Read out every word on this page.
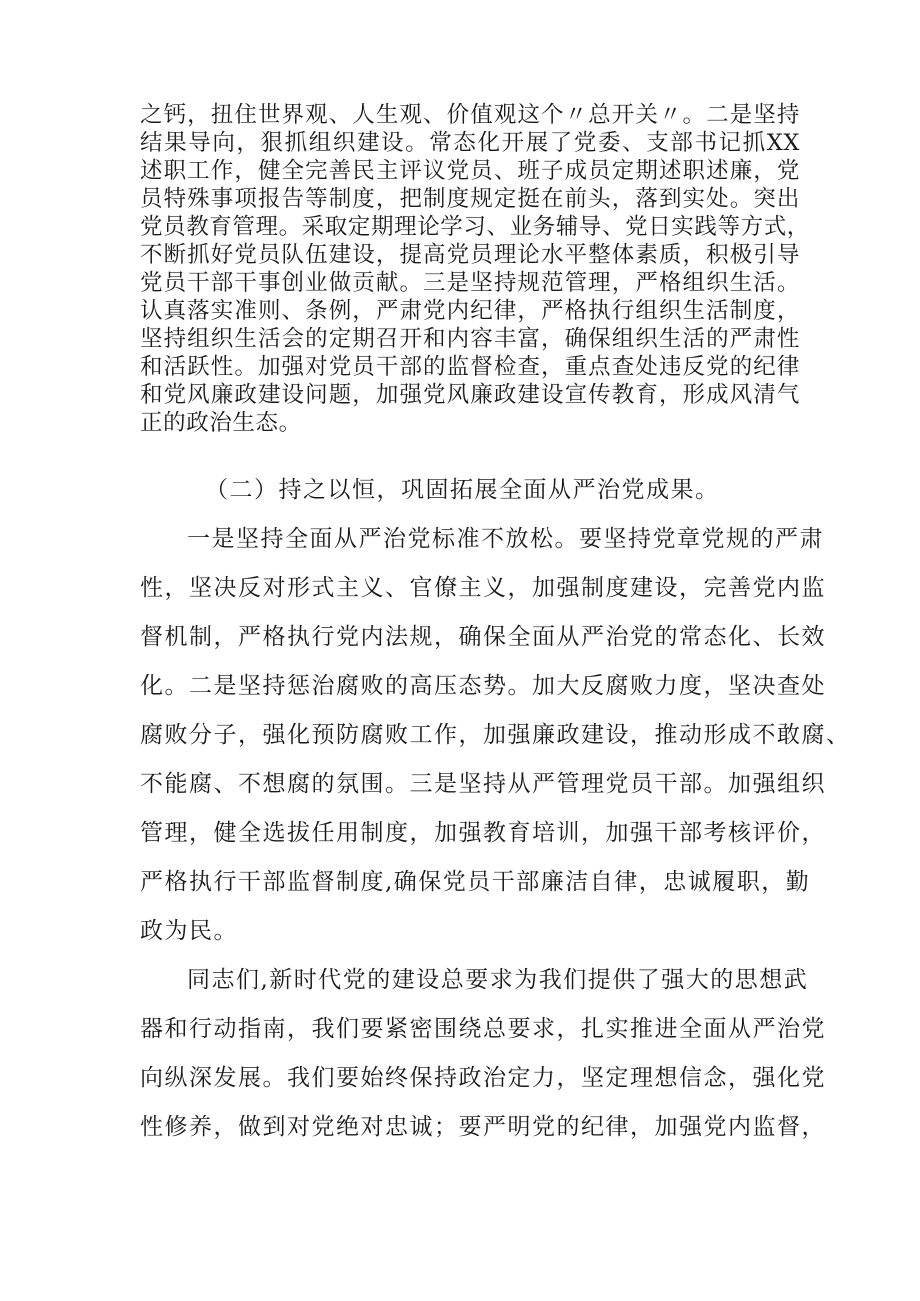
之钙，扭住世界观、人生观、价值观这个〃总开关〃。二是坚持
结果导向，狠抓组织建设。常态化开展了党委、支部书记抓XX
述职工作，健全完善民主评议党员、班子成员定期述职述廉，党
员特殊事项报告等制度，把制度规定挺在前头，落到实处。突出
党员教育管理。采取定期理论学习、业务辅导、党日实践等方式，
不断抓好党员队伍建设，提高党员理论水平整体素质，积极引导
党员干部干事创业做贡献。三是坚持规范管理，严格组织生活。
认真落实准则、条例，严肃党内纪律，严格执行组织生活制度，
坚持组织生活会的定期召开和内容丰富，确保组织生活的严肃性
和活跃性。加强对党员干部的监督检查，重点查处违反党的纪律
和党风廉政建设问题，加强党风廉政建设宣传教育，形成风清气
正的政治生态。
（二）持之以恒，巩固拓展全面从严治党成果。
一是坚持全面从严治党标准不放松。要坚持党章党规的严肃
性，坚决反对形式主义、官僚主义，加强制度建设，完善党内监
督机制，严格执行党内法规，确保全面从严治党的常态化、长效
化。二是坚持惩治腐败的高压态势。加大反腐败力度，坚决查处
腐败分子，强化预防腐败工作，加强廉政建设，推动形成不敢腐、
不能腐、不想腐的氛围。三是坚持从严管理党员干部。加强组织
管理，健全选拔任用制度，加强教育培训，加强干部考核评价，
严格执行干部监督制度,确保党员干部廉洁自律，忠诚履职，勤
政为民。
同志们,新时代党的建设总要求为我们提供了强大的思想武
器和行动指南，我们要紧密围绕总要求，扎实推进全面从严治党
向纵深发展。我们要始终保持政治定力，坚定理想信念，强化党
性修养，做到对党绝对忠诚；要严明党的纪律，加强党内监督，
